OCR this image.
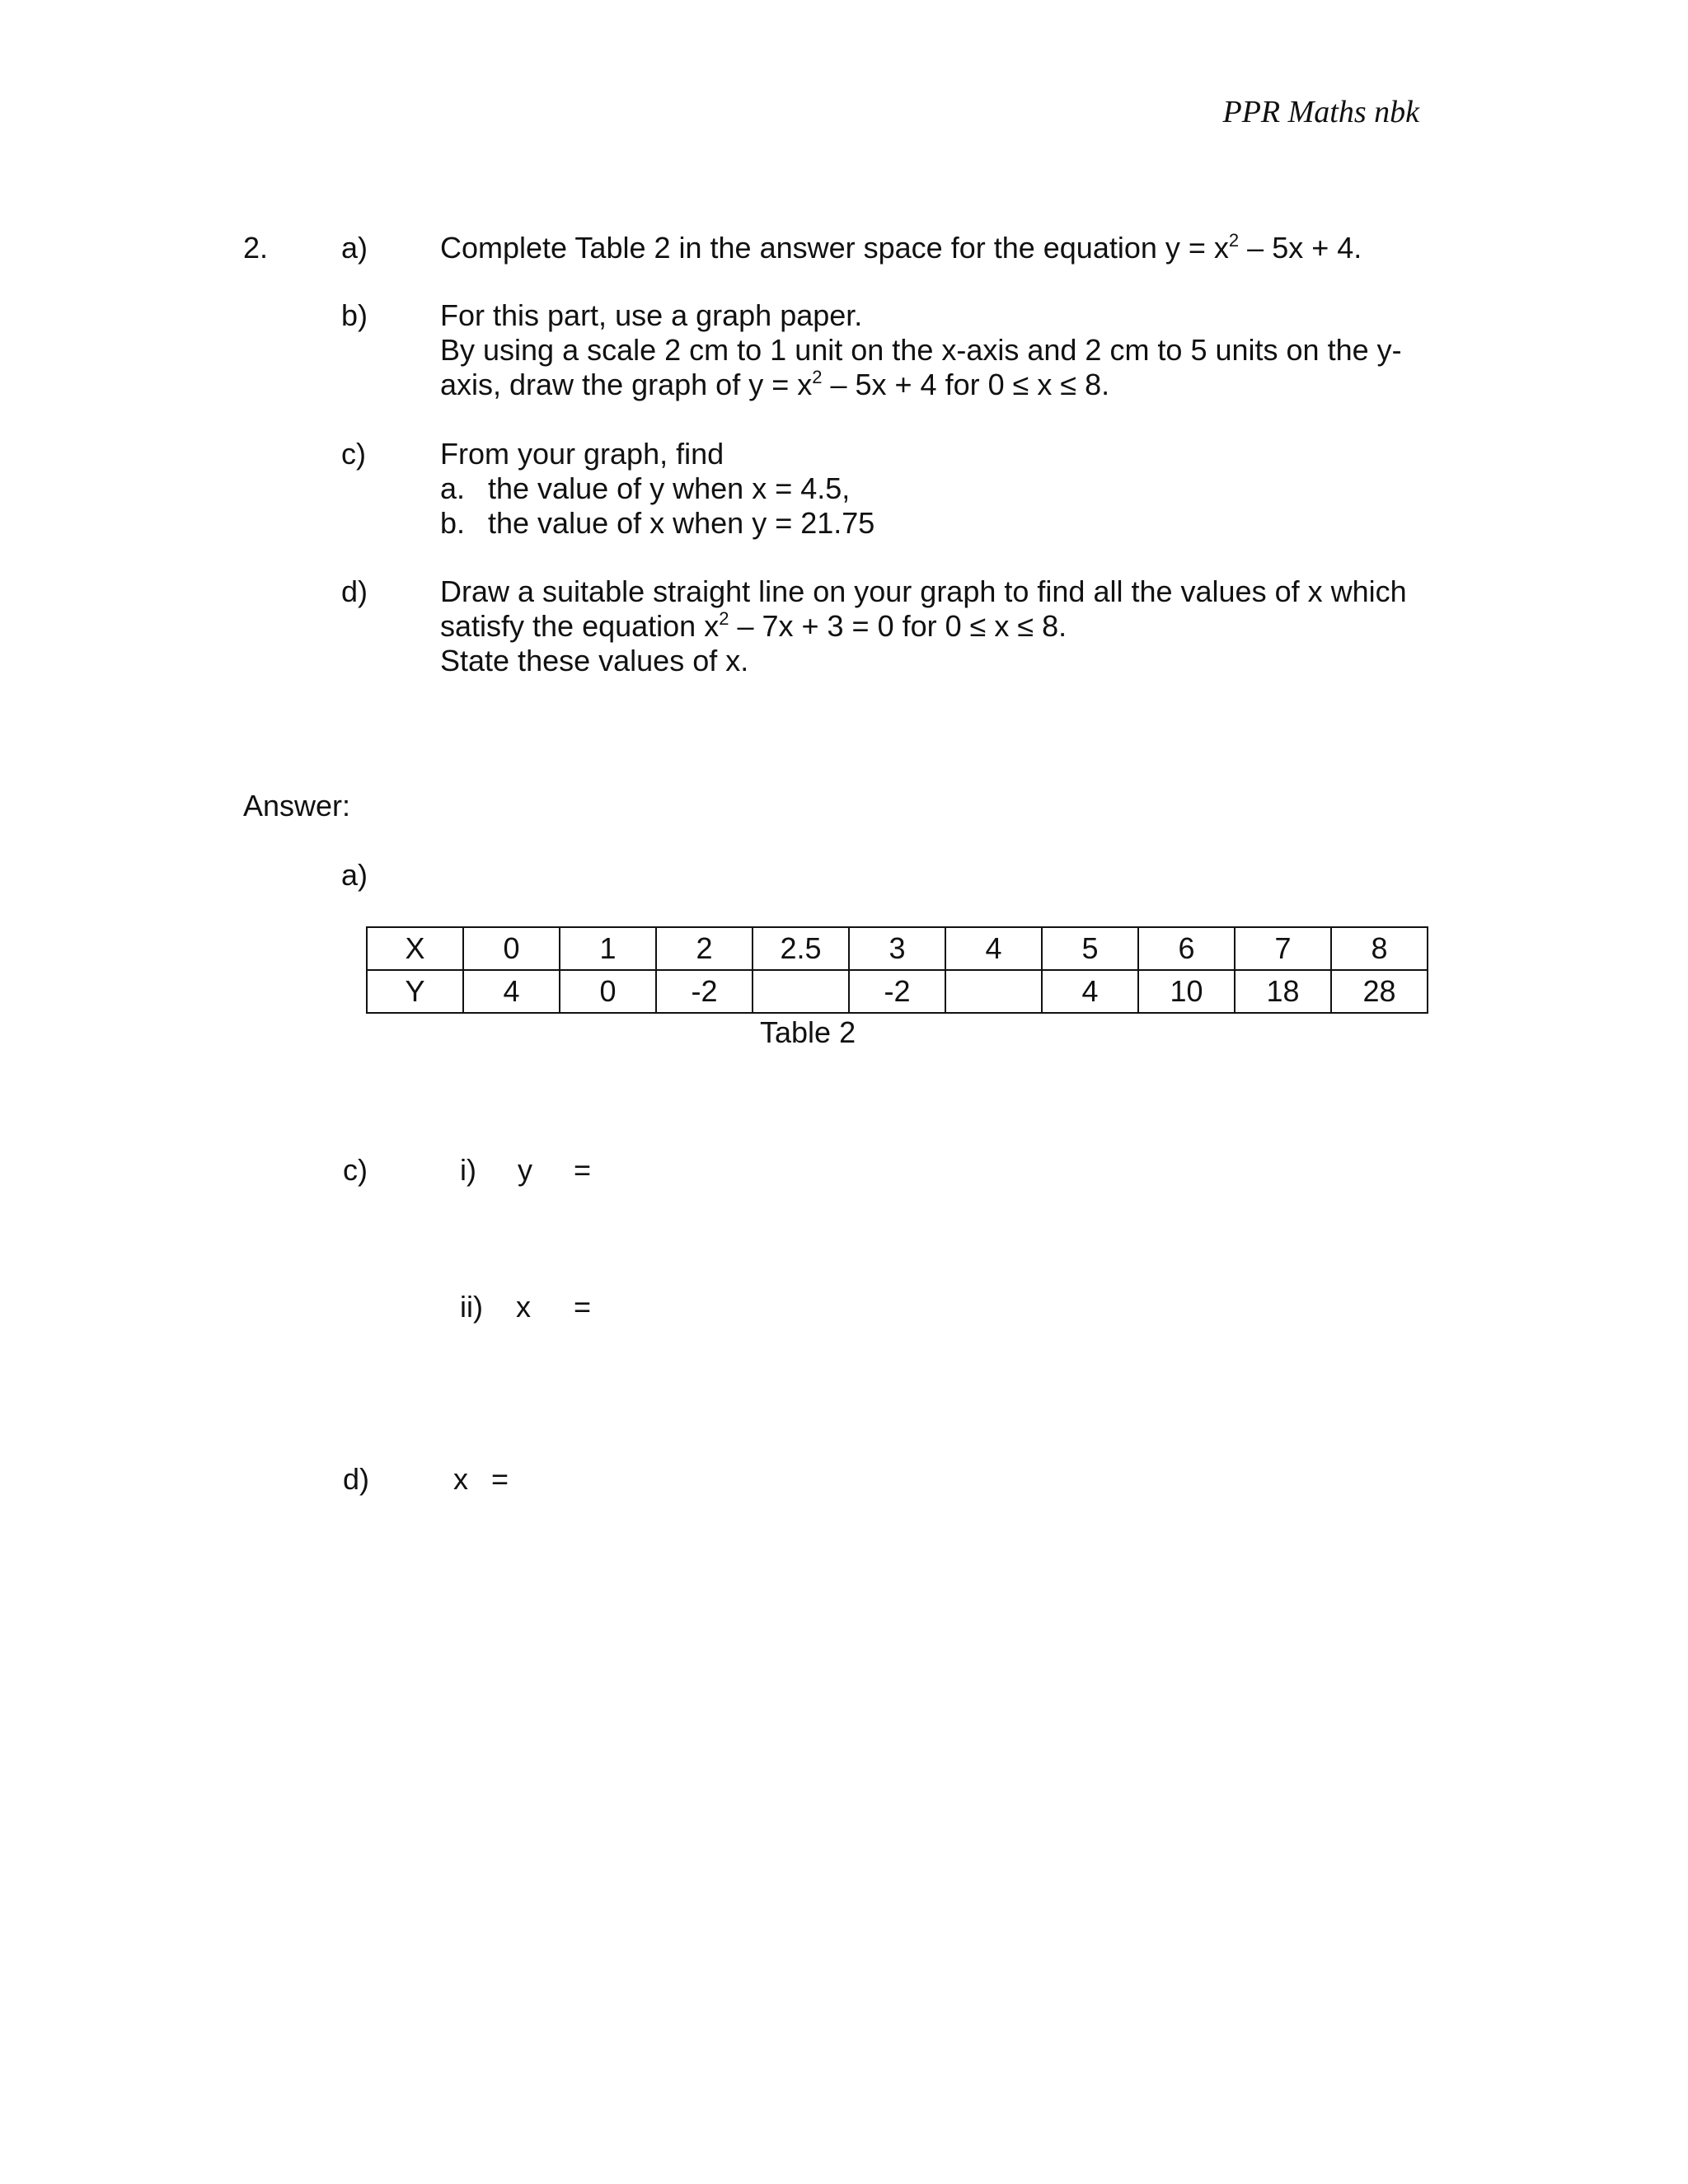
PPR Maths nbk
2. a) Complete Table 2 in the answer space for the equation $y = x^2 - 5x + 4$.
b) For this part, use a graph paper.
By using a scale 2 cm to 1 unit on the x-axis and 2 cm to 5 units on the y-
axis, draw the graph of $y = x^2 - 5x + 4$ for 0 ≤ x ≤ 8.
c)	From your graph, find
a. the value of y when x = 4.5,
b. the value of x when y = 21.75
d) Draw a suitable straight line on your graph to find all the values of x which
satisfy the equation $x^2 - 7x + 3 = 0$ for 0 ≤ x ≤ 8.
State these values of x.
Answer:
a)
X	0	1	2	2.5	3	4	5	6	7	8
Y	4	0	-2		-2		4	10	18	28
Table 2
c)	i) y =
ii) x =
d)	x =
